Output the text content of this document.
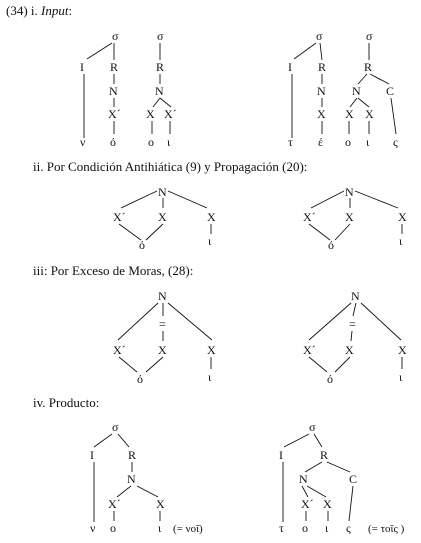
(34) i. Input:
ii. Por Condición Antihiática (9) y Propagación (20):
iii: Por Exceso de Moras, (28):
iv. Producto:
σ	σ
I R	R
N	N
X´ X X´
ν ό	ο ι
σ	σ
I R	R
N N C
X X X
τ έ ο ι ς
N
X´	X	X
ό	ι
N
X´ X	X
ό	ι
N
=
X´	X	X
ό	ι
N
=
X´ X	X
ό	ι
σ
I	R
N
X´	X
ν ο	ι (= νοῖ)
σ
I	R
N	C
X´ X
τ ο ι ς (= τοῖς )
